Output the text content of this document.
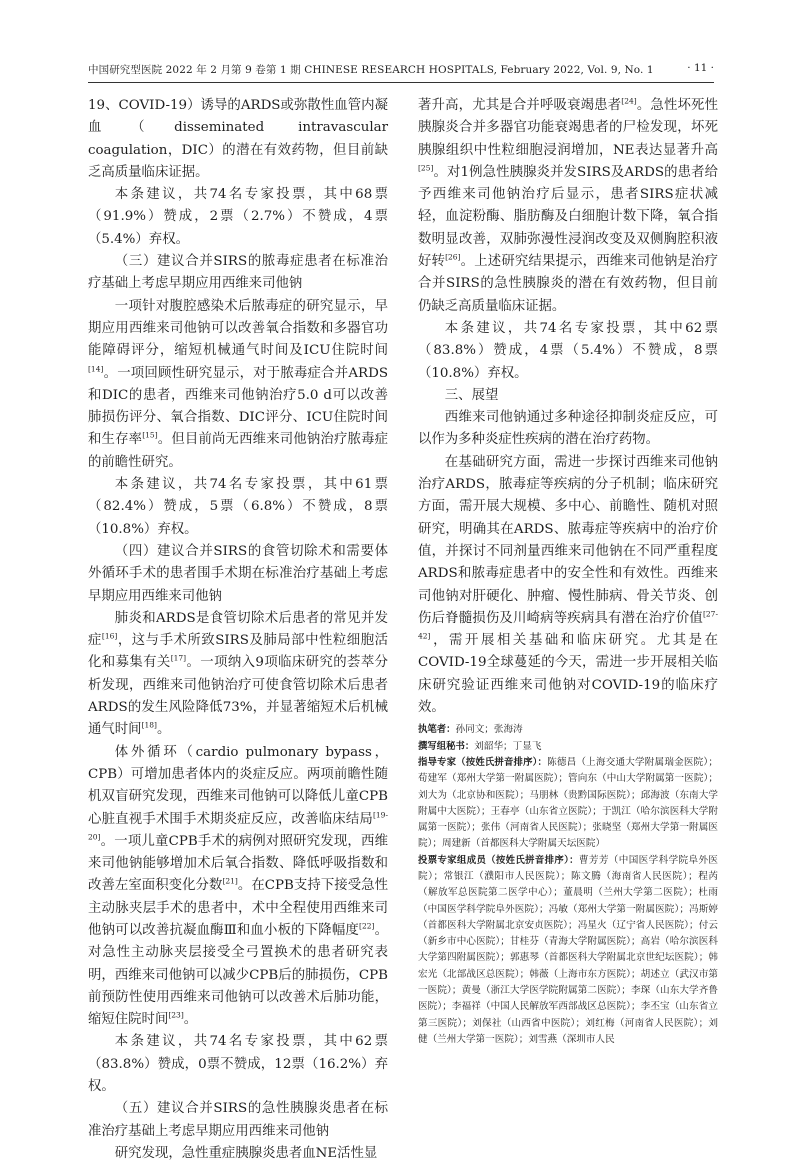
中国研究型医院 2022 年 2 月第 9 卷第 1 期 CHINESE RESEARCH HOSPITALS, February 2022, Vol. 9, No. 1	· 11 ·

19、COVID-19）诱导的ARDS或弥散性血管内凝血（disseminated intravascular coagulation，DIC）的潜在有效药物，但目前缺乏高质量临床证据。

本条建议，共74名专家投票，其中68票（91.9%）赞成，2票（2.7%）不赞成，4票（5.4%）弃权。

（三）建议合并SIRS的脓毒症患者在标准治疗基础上考虑早期应用西维来司他钠

一项针对腹腔感染术后脓毒症的研究显示，早期应用西维来司他钠可以改善氧合指数和多器官功能障碍评分，缩短机械通气时间及ICU住院时间[14]。一项回顾性研究显示，对于脓毒症合并ARDS和DIC的患者，西维来司他钠治疗5.0 d可以改善肺损伤评分、氧合指数、DIC评分、ICU住院时间和生存率[15]。但目前尚无西维来司他钠治疗脓毒症的前瞻性研究。

本条建议，共74名专家投票，其中61票（82.4%）赞成，5票（6.8%）不赞成，8票（10.8%）弃权。

（四）建议合并SIRS的食管切除术和需要体外循环手术的患者围手术期在标准治疗基础上考虑早期应用西维来司他钠

肺炎和ARDS是食管切除术后患者的常见并发症[16]，这与手术所致SIRS及肺局部中性粒细胞活化和募集有关[17]。一项纳入9项临床研究的荟萃分析发现，西维来司他钠治疗可使食管切除术后患者ARDS的发生风险降低73%，并显著缩短术后机械通气时间[18]。

体外循环（cardio pulmonary bypass，CPB）可增加患者体内的炎症反应。两项前瞻性随机双盲研究发现，西维来司他钠可以降低儿童CPB心脏直视手术围手术期炎症反应，改善临床结局[19-20]。一项儿童CPB手术的病例对照研究发现，西维来司他钠能够增加术后氧合指数、降低呼吸指数和改善左室面积变化分数[21]。在CPB支持下接受急性主动脉夹层手术的患者中，术中全程使用西维来司他钠可以改善抗凝血酶Ⅲ和血小板的下降幅度[22]。对急性主动脉夹层接受全弓置换术的患者研究表明，西维来司他钠可以减少CPB后的肺损伤，CPB前预防性使用西维来司他钠可以改善术后肺功能，缩短住院时间[23]。

本条建议，共74名专家投票，其中62票（83.8%）赞成，0票不赞成，12票（16.2%）弃权。

（五）建议合并SIRS的急性胰腺炎患者在标准治疗基础上考虑早期应用西维来司他钠

研究发现，急性重症胰腺炎患者血NE活性显

著升高，尤其是合并呼吸衰竭患者[24]。急性坏死性胰腺炎合并多器官功能衰竭患者的尸检发现，坏死胰腺组织中性粒细胞浸润增加，NE表达显著升高[25]。对1例急性胰腺炎并发SIRS及ARDS的患者给予西维来司他钠治疗后显示，患者SIRS症状减轻，血淀粉酶、脂肪酶及白细胞计数下降，氧合指数明显改善，双肺弥漫性浸润改变及双侧胸腔积液好转[26]。上述研究结果提示，西维来司他钠是治疗合并SIRS的急性胰腺炎的潜在有效药物，但目前仍缺乏高质量临床证据。

本条建议，共74名专家投票，其中62票（83.8%）赞成，4票（5.4%）不赞成，8票（10.8%）弃权。

三、展望

西维来司他钠通过多种途径抑制炎症反应，可以作为多种炎症性疾病的潜在治疗药物。

在基础研究方面，需进一步探讨西维来司他钠治疗ARDS，脓毒症等疾病的分子机制；临床研究方面，需开展大规模、多中心、前瞻性、随机对照研究，明确其在ARDS、脓毒症等疾病中的治疗价值，并探讨不同剂量西维来司他钠在不同严重程度ARDS和脓毒症患者中的安全性和有效性。西维来司他钠对肝硬化、肿瘤、慢性肺病、骨关节炎、创伤后脊髓损伤及川崎病等疾病具有潜在治疗价值[27-42]，需开展相关基础和临床研究。尤其是在COVID-19全球蔓延的今天，需进一步开展相关临床研究验证西维来司他钠对COVID-19的临床疗效。

执笔者：孙同文；张海涛

撰写组秘书：刘韶华；丁显飞

指导专家（按姓氏拼音排序）：陈德昌（上海交通大学附属瑞金医院）；荀建军（郑州大学第一附属医院）；管向东（中山大学附属第一医院）；刘大为（北京协和医院）；马朋林（贵黔国际医院）；邱海波（东南大学附属中大医院）；王春亭（山东省立医院）；于凯江（哈尔滨医科大学附属第一医院）；张伟（河南省人民医院）；张晓坚（郑州大学第一附属医院）；周建新（首都医科大学附属天坛医院）

投票专家组成员（按姓氏拼音排序）：曹芳芳（中国医学科学院阜外医院）；常银江（濮阳市人民医院）；陈文腾（海南省人民医院）；程芮（解放军总医院第二医学中心）；董晨明（兰州大学第二医院）；杜雨（中国医学科学院阜外医院）；冯敏（郑州大学第一附属医院）；冯斯婷（首都医科大学附属北京安贞医院）；冯星火（辽宁省人民医院）；付云（新乡市中心医院）；甘桂芬（青海大学附属医院）；高岩（哈尔滨医科大学第四附属医院）；郭惠琴（首都医科大学附属北京世纪坛医院）；韩宏光（北部战区总医院）；韩薇（上海市东方医院）；胡述立（武汉市第一医院）；黄曼（浙江大学医学院附属第二医院）；李琛（山东大学齐鲁医院）；李福祥（中国人民解放军西部战区总医院）；李丕宝（山东省立第三医院）；刘保社（山西省中医院）；刘红梅（河南省人民医院）；刘健（兰州大学第一医院）；刘雪燕（深圳市人民
